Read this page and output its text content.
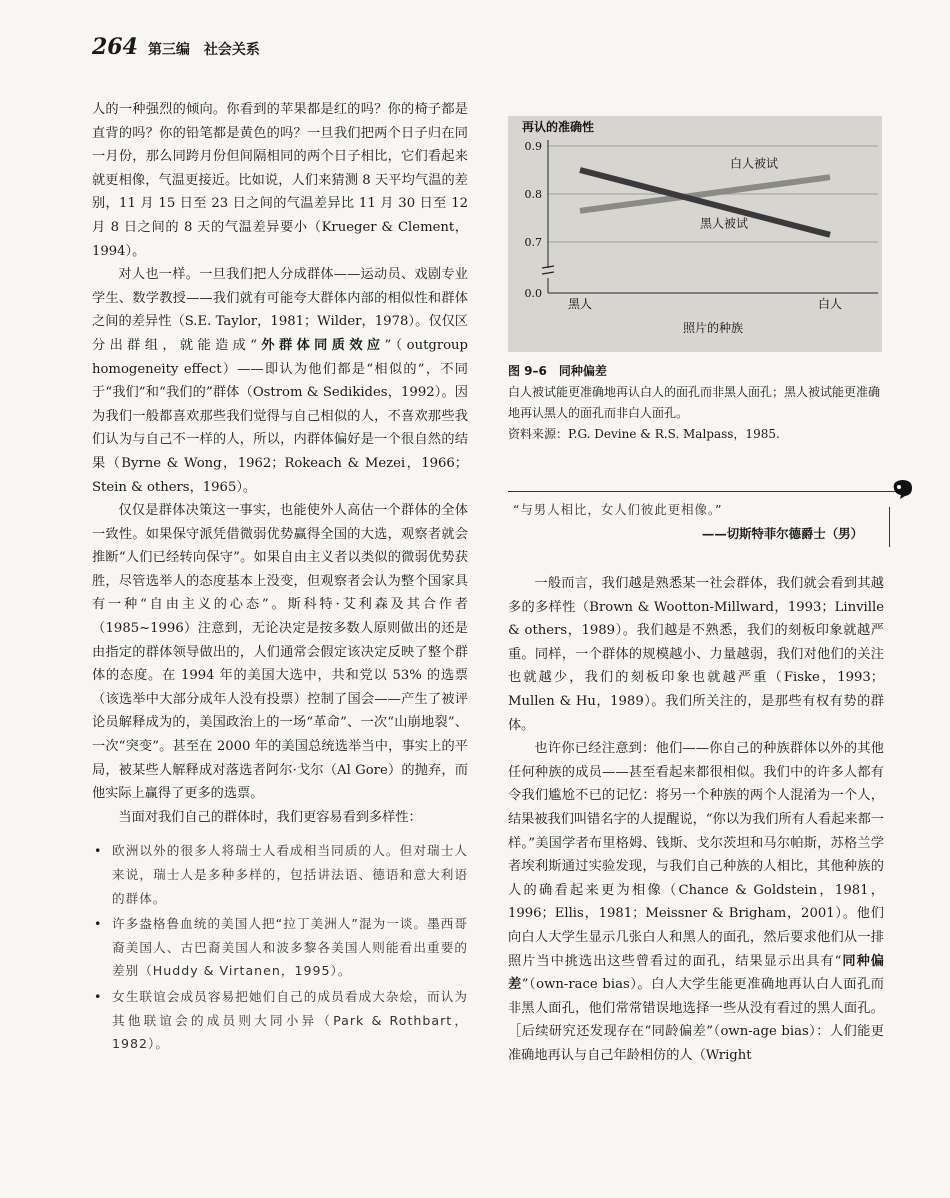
264 第三编　社会关系

人的一种强烈的倾向。你看到的苹果都是红的吗？你的椅子都是直背的吗？你的铅笔都是黄色的吗？一旦我们把两个日子归在同一月份，那么同跨月份但间隔相同的两个日子相比，它们看起来就更相像，气温更接近。比如说，人们来猜测 8 天平均气温的差别，11 月 15 日至 23 日之间的气温差异比 11 月 30 日至 12 月 8 日之间的 8 天的气温差异要小（Krueger & Clement，1994）。

对人也一样。一旦我们把人分成群体——运动员、戏剧专业学生、数学教授——我们就有可能夸大群体内部的相似性和群体之间的差异性（S.E. Taylor，1981；Wilder，1978）。仅仅区分出群组，就能造成“外群体同质效应”（outgroup homogeneity effect）——即认为他们都是“相似的”，不同于“我们”和“我们的”群体（Ostrom & Sedikides，1992）。因为我们一般都喜欢那些我们觉得与自己相似的人，不喜欢那些我们认为与自己不一样的人，所以，内群体偏好是一个很自然的结果（Byrne & Wong，1962；Rokeach & Mezei，1966；Stein & others，1965）。

仅仅是群体决策这一事实，也能使外人高估一个群体的全体一致性。如果保守派凭借微弱优势赢得全国的大选，观察者就会推断“人们已经转向保守”。如果自由主义者以类似的微弱优势获胜，尽管选举人的态度基本上没变，但观察者会认为整个国家具有一种“自由主义的心态”。斯科特·艾利森及其合作者（1985~1996）注意到，无论决定是按多数人原则做出的还是由指定的群体领导做出的，人们通常会假定该决定反映了整个群体的态度。在 1994 年的美国大选中，共和党以 53% 的选票（该选举中大部分成年人没有投票）控制了国会——产生了被评论员解释成为的，美国政治上的一场“革命”、一次“山崩地裂”、一次“突变”。甚至在 2000 年的美国总统选举当中，事实上的平局，被某些人解释成对落选者阿尔·戈尔（Al Gore）的抛弃，而他实际上赢得了更多的选票。

当面对我们自己的群体时，我们更容易看到多样性：

• 欧洲以外的很多人将瑞士人看成相当同质的人。但对瑞士人来说，瑞士人是多种多样的，包括讲法语、德语和意大利语的群体。
• 许多盎格鲁血统的美国人把“拉丁美洲人”混为一谈。墨西哥裔美国人、古巴裔美国人和波多黎各美国人则能看出重要的差别（Huddy & Virtanen，1995）。
• 女生联谊会成员容易把她们自己的成员看成大杂烩，而认为其他联谊会的成员则大同小异（Park & Rothbart，1982）。
再认的准确性
0.9
0.8
0.7
0.0
黑人	白人
照片的种族
白人被试
黑人被试
图 9–6　同种偏差
白人被试能更准确地再认白人的面孔而非黑人面孔；黑人被试能更准确地再认黑人的面孔而非白人面孔。
资料来源：P.G. Devine & R.S. Malpass，1985.
“与男人相比，女人们彼此更相像。”
——切斯特菲尔德爵士（男）

一般而言，我们越是熟悉某一社会群体，我们就会看到其越多的多样性（Brown & Wootton-Millward，1993；Linville & others，1989）。我们越是不熟悉，我们的刻板印象就越严重。同样，一个群体的规模越小、力量越弱，我们对他们的关注也就越少，我们的刻板印象也就越严重（Fiske，1993；Mullen & Hu，1989）。我们所关注的，是那些有权有势的群体。

也许你已经注意到：他们——你自己的种族群体以外的其他任何种族的成员——甚至看起来都很相似。我们中的许多人都有令我们尴尬不已的记忆：将另一个种族的两个人混淆为一个人，结果被我们叫错名字的人提醒说，“你以为我们所有人看起来都一样。”美国学者布里格姆、钱斯、戈尔茨坦和马尔帕斯，苏格兰学者埃利斯通过实验发现，与我们自己种族的人相比，其他种族的人的确看起来更为相像（Chance & Goldstein，1981，1996；Ellis，1981；Meissner & Brigham，2001）。他们向白人大学生显示几张白人和黑人的面孔，然后要求他们从一排照片当中挑选出这些曾看过的面孔，结果显示出具有“同种偏差”（own-race bias）。白人大学生能更准确地再认白人面孔而非黑人面孔，他们常常错误地选择一些从没有看过的黑人面孔。［后续研究还发现存在“同龄偏差”（own-age bias）：人们能更准确地再认与自己年龄相仿的人（Wright
